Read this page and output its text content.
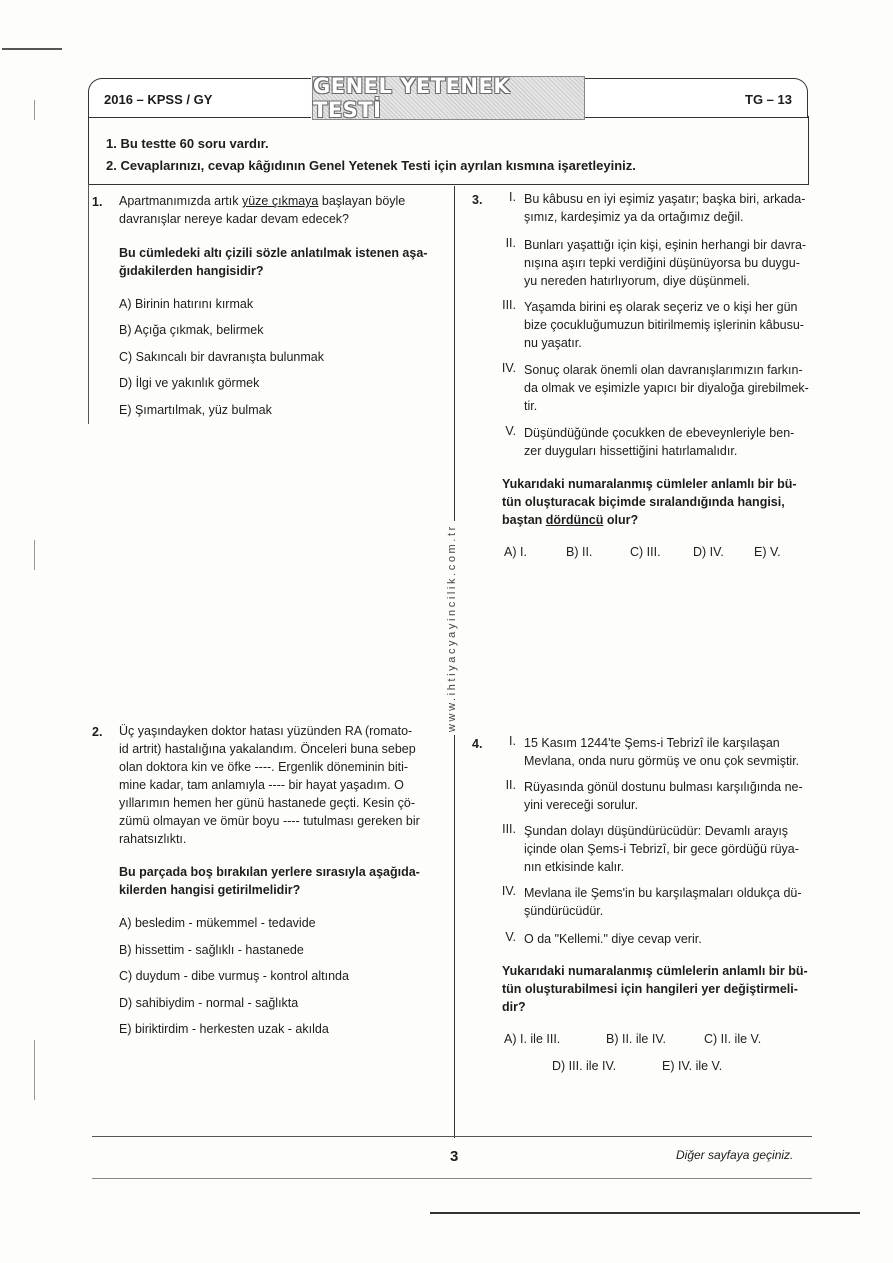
2016 – KPSS / GY
GENEL YETENEK TESTİ	TG – 13
1. Bu testte 60 soru vardır.
2. Cevaplarınızı, cevap kâğıdının Genel Yetenek Testi için ayrılan kısmına işaretleyiniz.
www.ihtiyacyayincilik.com.tr
1. Apartmanımızda artık yüze çıkmaya başlayan böyle
davranışlar nereye kadar devam edecek?
Bu cümledeki altı çizili sözle anlatılmak istenen aşa-
ğıdakilerden hangisidir?
A) Birinin hatırını kırmak
B) Açığa çıkmak, belirmek
C) Sakıncalı bir davranışta bulunmak
D) İlgi ve yakınlık görmek
E) Şımartılmak, yüz bulmak
2. Üç yaşındayken doktor hatası yüzünden RA (romato-
id artrit) hastalığına yakalandım. Önceleri buna sebep
olan doktora kin ve öfke ----. Ergenlik döneminin biti-
mine kadar, tam anlamıyla ---- bir hayat yaşadım. O
yıllarımın hemen her günü hastanede geçti. Kesin çö-
zümü olmayan ve ömür boyu ---- tutulması gereken bir
rahatsızlıktı.
Bu parçada boş bırakılan yerlere sırasıyla aşağıda-
kilerden hangisi getirilmelidir?
A) besledim - mükemmel - tedavide
B) hissettim - sağlıklı - hastanede
C) duydum - dibe vurmuş - kontrol altında
D) sahibiydim - normal - sağlıkta
E) biriktirdim - herkesten uzak - akılda
3.	I. Bu kâbusu en iyi eşimiz yaşatır; başka biri, arkada-
şımız, kardeşimiz ya da ortağımız değil.
II. Bunları yaşattığı için kişi, eşinin herhangi bir davra-
nışına aşırı tepki verdiğini düşünüyorsa bu duygu-
yu nereden hatırlıyorum, diye düşünmeli.
III. Yaşamda birini eş olarak seçeriz ve o kişi her gün
bize çocukluğumuzun bitirilmemiş işlerinin kâbusu-
nu yaşatır.
IV. Sonuç olarak önemli olan davranışlarımızın farkın-
da olmak ve eşimizle yapıcı bir diyaloğa girebilmek-
tir.
V. Düşündüğünde çocukken de ebeveynleriyle ben-
zer duyguları hissettiğini hatırlamalıdır.
Yukarıdaki numaralanmış cümleler anlamlı bir bü-
tün oluşturacak biçimde sıralandığında hangisi,
baştan dördüncü olur?
A) I.	B) II.	C) III.	D) IV. E) V.
4.	I. 15 Kasım 1244'te Şems-i Tebrizî ile karşılaşan
Mevlana, onda nuru görmüş ve onu çok sevmiştir.
II. Rüyasında gönül dostunu bulması karşılığında ne-
yini vereceği sorulur.
III. Şundan dolayı düşündürücüdür: Devamlı arayış
içinde olan Şems-i Tebrizî, bir gece gördüğü rüya-
nın etkisinde kalır.
IV. Mevlana ile Şems'in bu karşılaşmaları oldukça dü-
şündürücüdür.
V. O da "Kellemi." diye cevap verir.
Yukarıdaki numaralanmış cümlelerin anlamlı bir bü-
tün oluşturabilmesi için hangileri yer değiştirmeli-
dir?
A) I. ile III.	B) II. ile IV.	C) II. ile V.
D) III. ile IV.	E) IV. ile V.
3	Diğer sayfaya geçiniz.
